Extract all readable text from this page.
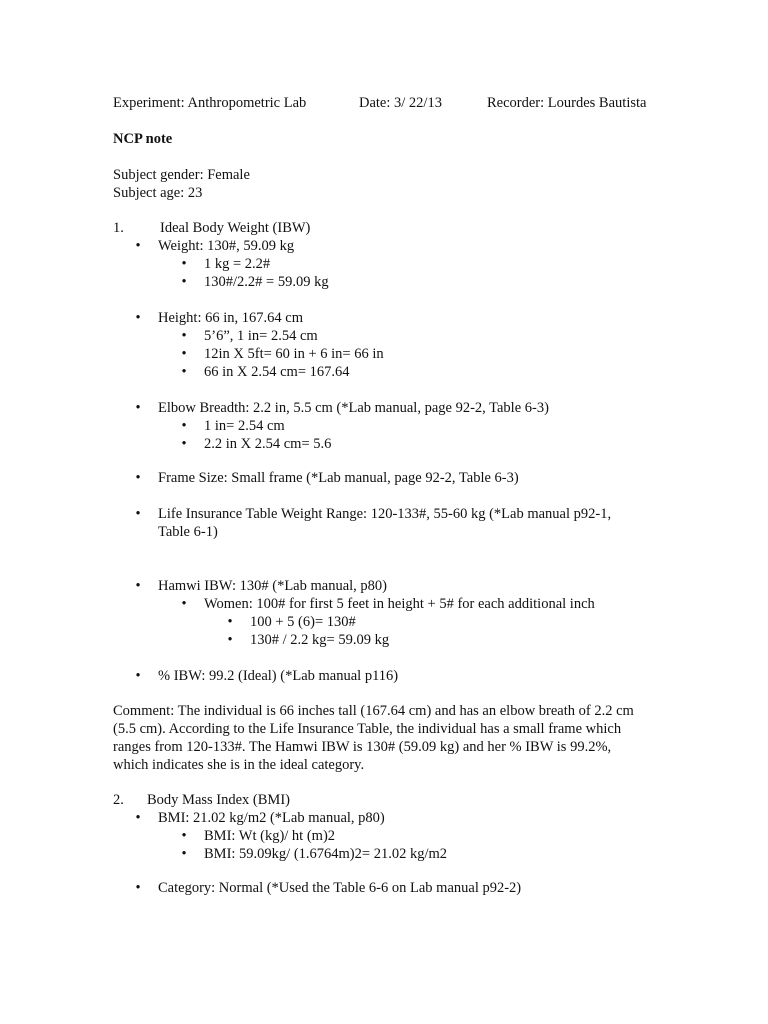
Experiment: Anthropometric Lab	Date: 3/ 22/13	Recorder: Lourdes Bautista
NCP note
Subject gender: Female
Subject age: 23
1. Ideal Body Weight (IBW)
•
Weight: 130#, 59.09 kg
•
1 kg = 2.2#
•
130#/2.2# = 59.09 kg
•
Height: 66 in, 167.64 cm
•
5’6”, 1 in= 2.54 cm
•
12in X 5ft= 60 in + 6 in= 66 in
•
66 in X 2.54 cm= 167.64
•
Elbow Breadth: 2.2 in, 5.5 cm (*Lab manual, page 92-2, Table 6-3)
•
1 in= 2.54 cm
•
2.2 in X 2.54 cm= 5.6
•
Frame Size: Small frame (*Lab manual, page 92-2, Table 6-3)
•
Life Insurance Table Weight Range: 120-133#, 55-60 kg (*Lab manual p92-1,
Table 6-1)
•
Hamwi IBW: 130# (*Lab manual, p80)
•
Women: 100# for first 5 feet in height + 5# for each additional inch
•
100 + 5 (6)= 130#
•
130# / 2.2 kg= 59.09 kg
•
% IBW: 99.2 (Ideal) (*Lab manual p116)
Comment: The individual is 66 inches tall (167.64 cm) and has an elbow breath of 2.2 cm
(5.5 cm). According to the Life Insurance Table, the individual has a small frame which
ranges from 120-133#. The Hamwi IBW is 130# (59.09 kg) and her % IBW is 99.2%,
which indicates she is in the ideal category.
2. Body Mass Index (BMI)
•
BMI: 21.02 kg/m2 (*Lab manual, p80)
•
BMI: Wt (kg)/ ht (m)2
•
BMI: 59.09kg/ (1.6764m)2= 21.02 kg/m2
•
Category: Normal (*Used the Table 6-6 on Lab manual p92-2)
